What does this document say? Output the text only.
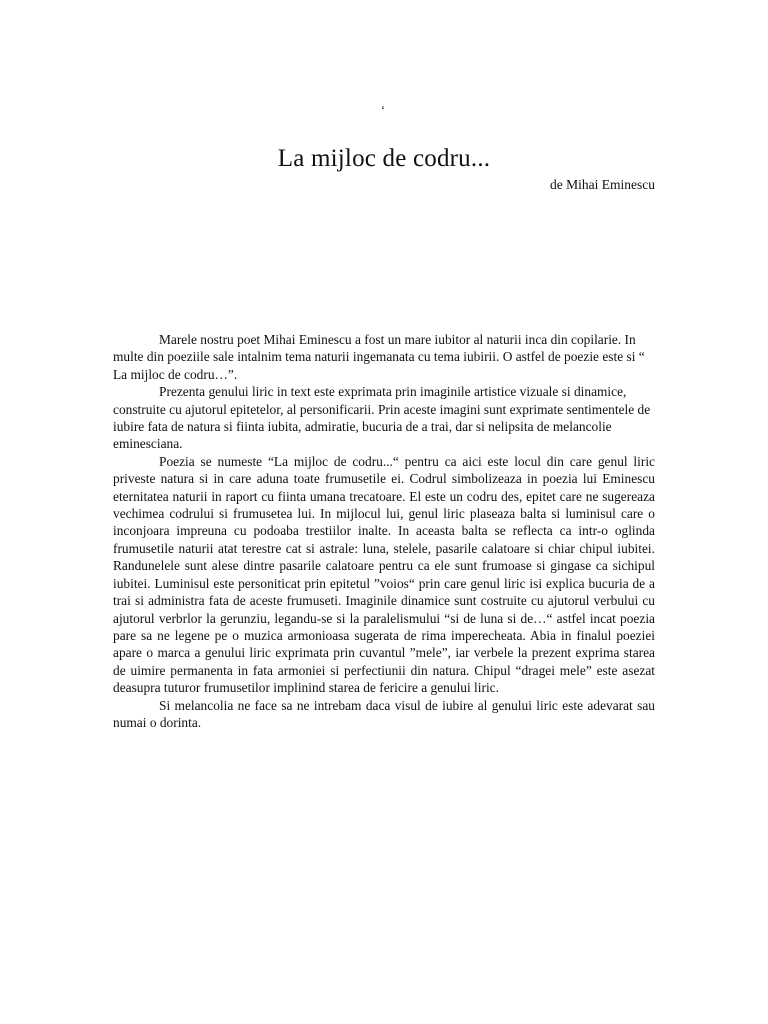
‘
La mijloc de codru...
de Mihai Eminescu

Marele nostru poet Mihai Eminescu a fost un mare iubitor al naturii inca din copilarie. In multe din poeziile sale intalnim tema naturii ingemanata cu tema iubirii. O astfel de poezie este si “ La mijloc de codru…”.

Prezenta genului liric in text este exprimata prin imaginile artistice vizuale si dinamice, construite cu ajutorul epitetelor, al personificarii. Prin aceste imagini sunt exprimate sentimentele de iubire fata de natura si fiinta iubita, admiratie, bucuria de a trai, dar si nelipsita de melancolie eminesciana.

Poezia se numeste “La mijloc de codru...“ pentru ca aici este locul din care genul liric priveste natura si in care aduna toate frumusetile ei. Codrul simbolizeaza in poezia lui Eminescu eternitatea naturii in raport cu fiinta umana trecatoare. El este un codru des, epitet care ne sugereaza vechimea codrului si frumusetea lui. In mijlocul lui, genul liric plaseaza balta si luminisul care o inconjoara impreuna cu podoaba trestiilor inalte. In aceasta balta se reflecta ca intr-o oglinda frumusetile naturii atat terestre cat si astrale: luna, stelele, pasarile calatoare si chiar chipul iubitei. Randunelele sunt alese dintre pasarile calatoare pentru ca ele sunt frumoase si gingase ca sichipul iubitei. Luminisul este personiticat prin epitetul ”voios“ prin care genul liric isi explica bucuria de a trai si administra fata de aceste frumuseti. Imaginile dinamice sunt costruite cu ajutorul verbului cu ajutorul verbrlor la gerunziu, legandu-se si la paralelismului “si de luna si de…“ astfel incat poezia pare sa ne legene pe o muzica armonioasa sugerata de rima imperecheata. Abia in finalul poeziei apare o marca a genului liric exprimata prin cuvantul ”mele”, iar verbele la prezent exprima starea de uimire permanenta in fata armoniei si perfectiunii din natura. Chipul “dragei mele” este asezat deasupra tuturor frumusetilor implinind starea de fericire a genului liric.

Si melancolia ne face sa ne intrebam daca visul de iubire al genului liric este adevarat sau numai o dorinta.
